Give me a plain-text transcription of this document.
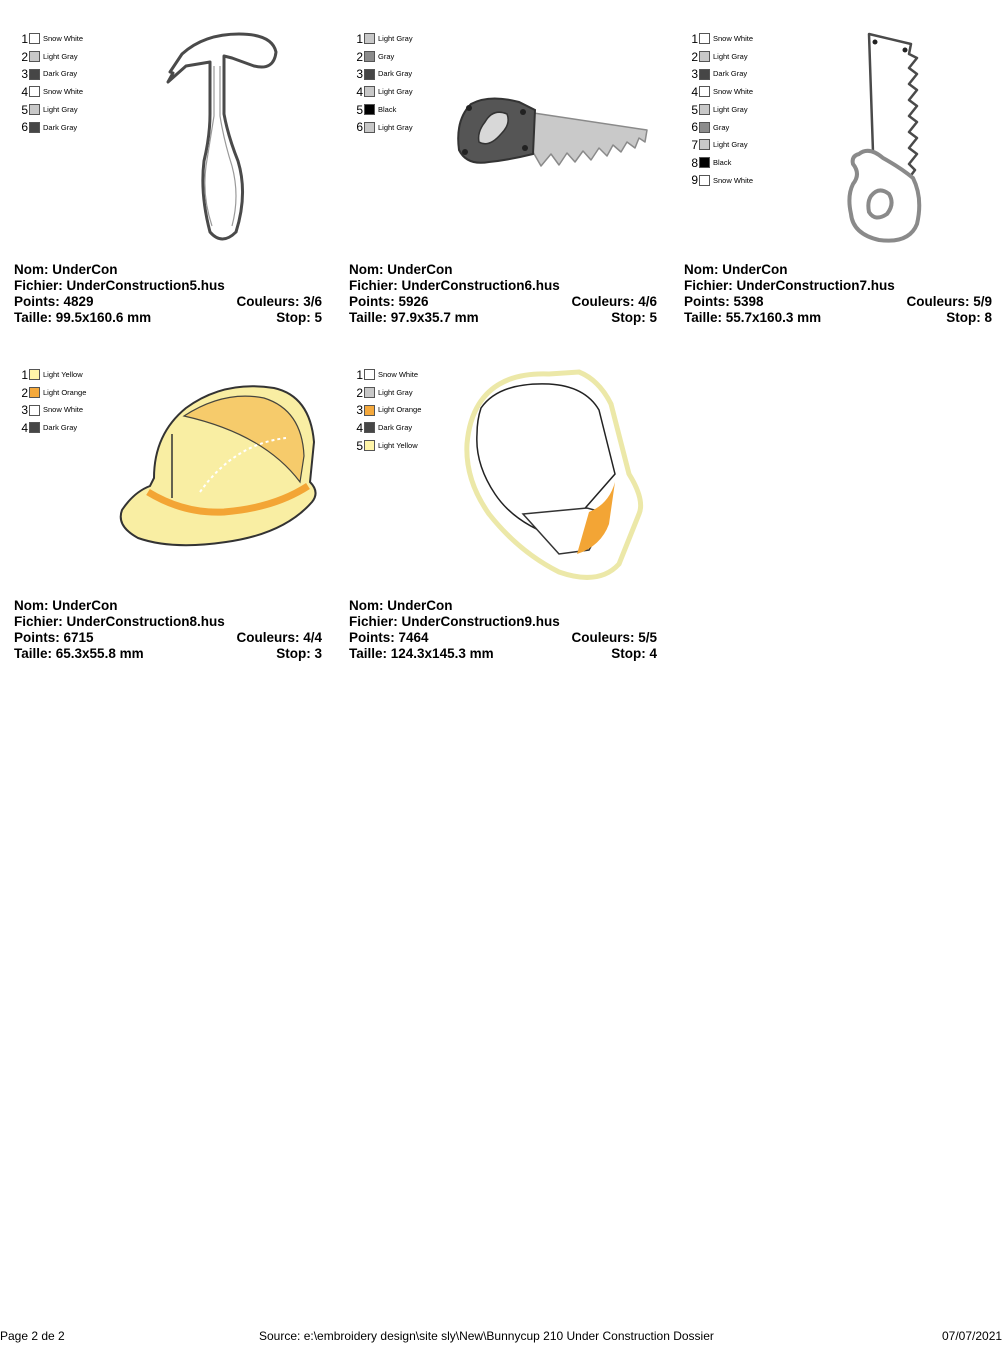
1 Snow White
2 Light Gray
3 Dark Gray
4 Snow White
5 Light Gray
6 Dark Gray
Nom: UnderCon
Fichier: UnderConstruction5.hus
Points: 4829	Couleurs: 3/6
Taille: 99.5x160.6 mm	Stop: 5
1 Light Gray
2 Gray
3 Dark Gray
4 Light Gray
5 Black
6 Light Gray
Nom: UnderCon
Fichier: UnderConstruction6.hus
Points: 5926	Couleurs: 4/6
Taille: 97.9x35.7 mm	Stop: 5
1 Snow White
2 Light Gray
3 Dark Gray
4 Snow White
5 Light Gray
6 Gray
7 Light Gray
8 Black
9 Snow White
Nom: UnderCon
Fichier: UnderConstruction7.hus
Points: 5398	Couleurs: 5/9
Taille: 55.7x160.3 mm	Stop: 8
1 Light Yellow
2 Light Orange
3 Snow White
4 Dark Gray
Nom: UnderCon
Fichier: UnderConstruction8.hus
Points: 6715	Couleurs: 4/4
Taille: 65.3x55.8 mm	Stop: 3
1 Snow White
2 Light Gray
3 Light Orange
4 Dark Gray
5 Light Yellow
Nom: UnderCon
Fichier: UnderConstruction9.hus
Points: 7464	Couleurs: 5/5
Taille: 124.3x145.3 mm	Stop: 4
Page 2 de 2	Source: e:\embroidery design\site sly\New\Bunnycup 210 Under Construction Dossier	07/07/2021
